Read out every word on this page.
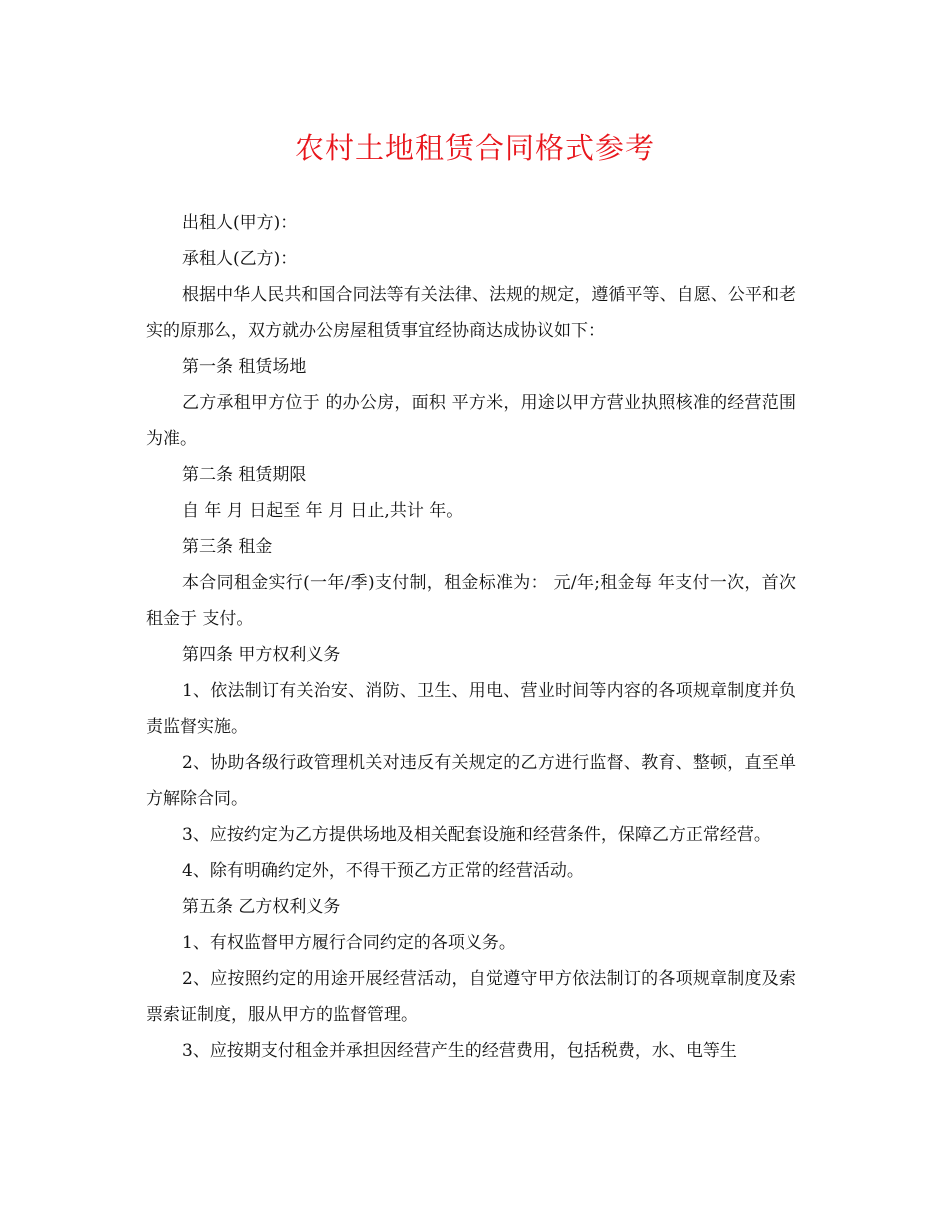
农村土地租赁合同格式参考

出租人(甲方)：

承租人(乙方)：

根据中华人民共和国合同法等有关法律、法规的规定，遵循平等、自愿、公平和老实的原那么，双方就办公房屋租赁事宜经协商达成协议如下：

第一条 租赁场地

乙方承租甲方位于 的办公房，面积 平方米，用途以甲方营业执照核准的经营范围为准。

第二条 租赁期限

自 年 月 日起至 年 月 日止,共计 年。

第三条 租金

本合同租金实行(一年/季)支付制，租金标准为： 元/年;租金每 年支付一次，首次租金于 支付。

第四条 甲方权利义务

1、依法制订有关治安、消防、卫生、用电、营业时间等内容的各项规章制度并负责监督实施。

2、协助各级行政管理机关对违反有关规定的乙方进行监督、教育、整顿，直至单方解除合同。

3、应按约定为乙方提供场地及相关配套设施和经营条件，保障乙方正常经营。

4、除有明确约定外，不得干预乙方正常的经营活动。

第五条 乙方权利义务

1、有权监督甲方履行合同约定的各项义务。

2、应按照约定的用途开展经营活动，自觉遵守甲方依法制订的各项规章制度及索票索证制度，服从甲方的监督管理。

3、应按期支付租金并承担因经营产生的经营费用，包括税费，水、电等生
